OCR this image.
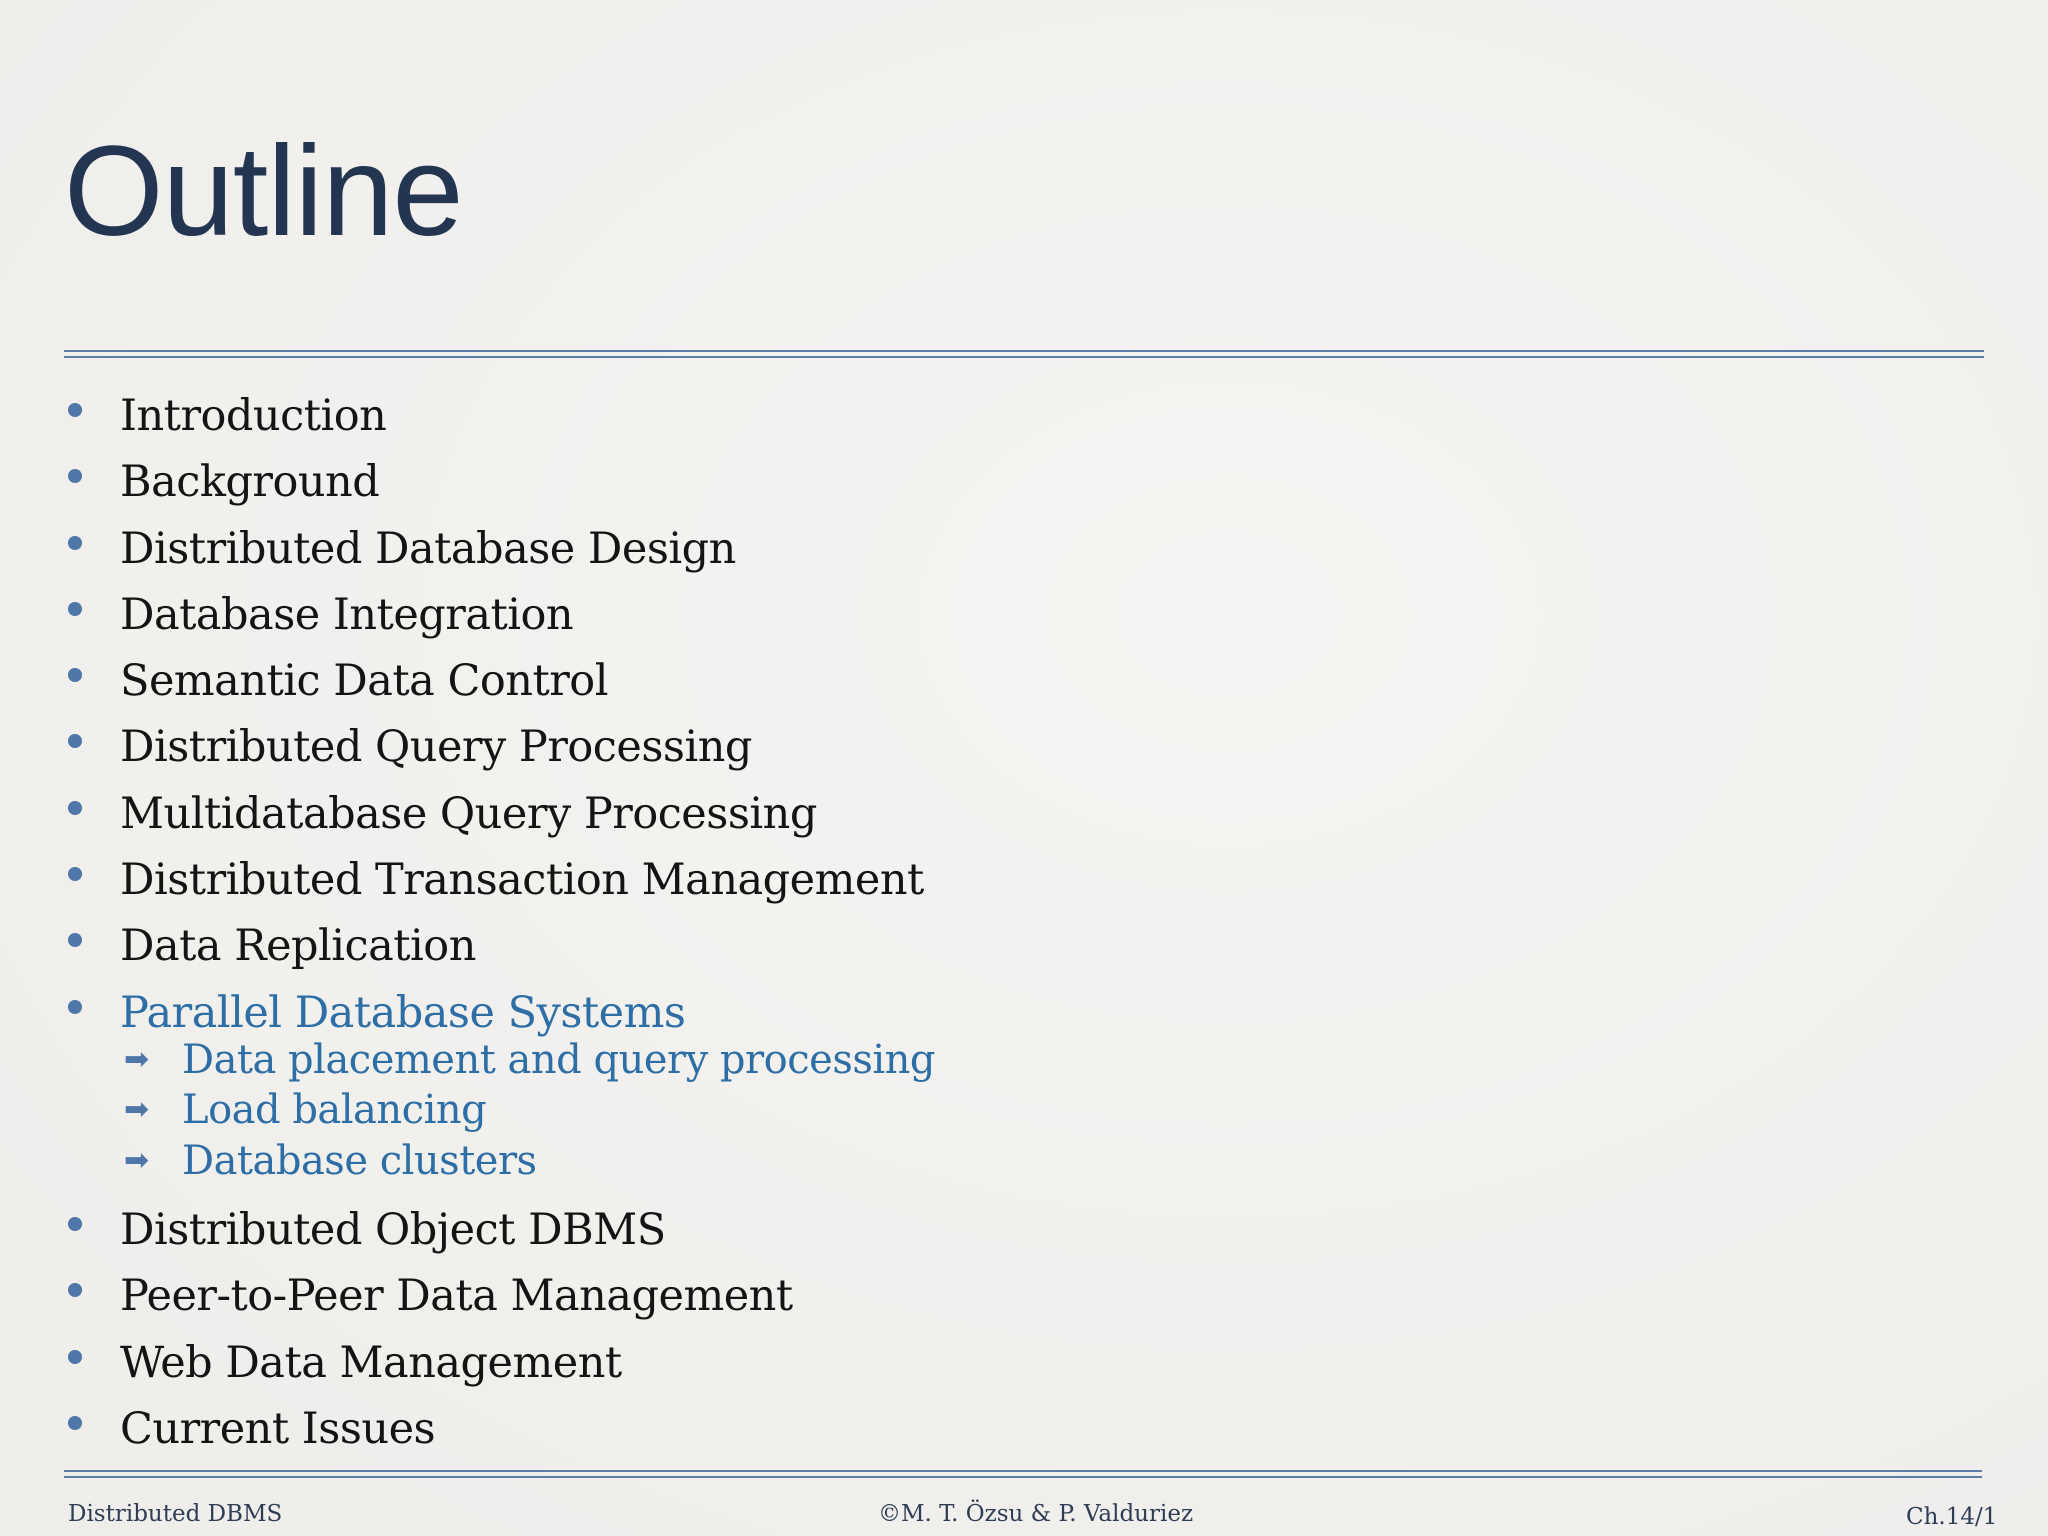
Outline
Introduction
Background
Distributed Database Design
Database Integration
Semantic Data Control
Distributed Query Processing
Multidatabase Query Processing
Distributed Transaction Management
Data Replication
Parallel Database Systems
➡ Data placement and query processing
➡ Load balancing
➡ Database clusters
Distributed Object DBMS
Peer-to-Peer Data Management
Web Data Management
Current Issues
Distributed DBMS	©M. T. Özsu & P. Valduriez	Ch.14/1
